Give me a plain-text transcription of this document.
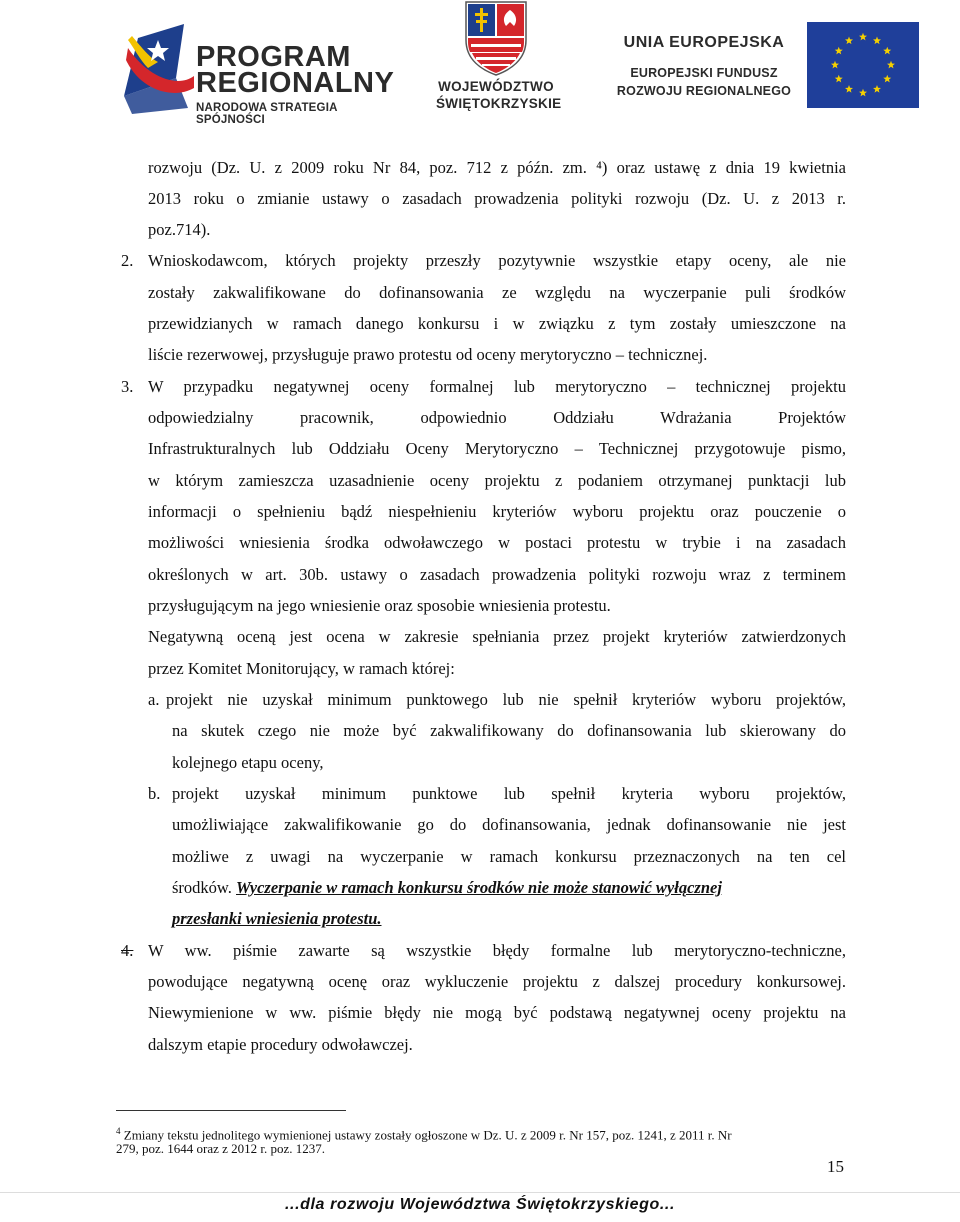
PROGRAM
REGIONALNY
NARODOWA STRATEGIA SPÓJNOŚCI
WOJEWÓDZTWO
ŚWIĘTOKRZYSKIE
UNIA EUROPEJSKA
EUROPEJSKI FUNDUSZ
ROZWOJU REGIONALNEGO
rozwoju (Dz. U. z 2009 roku Nr 84, poz. 712 z późn. zm. ⁴) oraz ustawę z dnia 19 kwietnia
2013 roku o zmianie ustawy o zasadach prowadzenia polityki rozwoju (Dz. U. z 2013 r.
poz.714).
2. Wnioskodawcom, których projekty przeszły pozytywnie wszystkie etapy oceny, ale nie
zostały zakwalifikowane do dofinansowania ze względu na wyczerpanie puli środków
przewidzianych w ramach danego konkursu i w związku z tym zostały umieszczone na
liście rezerwowej, przysługuje prawo protestu od oceny merytoryczno – technicznej.
3. W przypadku negatywnej oceny formalnej lub merytoryczno – technicznej projektu
odpowiedzialny pracownik, odpowiednio Oddziału Wdrażania Projektów
Infrastrukturalnych lub Oddziału Oceny Merytoryczno – Technicznej przygotowuje pismo,
w którym zamieszcza uzasadnienie oceny projektu z podaniem otrzymanej punktacji lub
informacji o spełnieniu bądź niespełnieniu kryteriów wyboru projektu oraz pouczenie o
możliwości wniesienia środka odwoławczego w postaci protestu w trybie i na zasadach
określonych w art. 30b. ustawy o zasadach prowadzenia polityki rozwoju wraz z terminem
przysługującym na jego wniesienie oraz sposobie wniesienia protestu.
Negatywną oceną jest ocena w zakresie spełniania przez projekt kryteriów zatwierdzonych
przez Komitet Monitorujący, w ramach której:
a. projekt nie uzyskał minimum punktowego lub nie spełnił kryteriów wyboru projektów,
na skutek czego nie może być zakwalifikowany do dofinansowania lub skierowany do
kolejnego etapu oceny,
b. projekt uzyskał minimum punktowe lub spełnił kryteria wyboru projektów,
umożliwiające zakwalifikowanie go do dofinansowania, jednak dofinansowanie nie jest
możliwe z uwagi na wyczerpanie w ramach konkursu przeznaczonych na ten cel
środków. Wyczerpanie w ramach konkursu środków nie może stanowić wyłącznej
przesłanki wniesienia protestu.
4. W ww. piśmie zawarte są wszystkie błędy formalne lub merytoryczno-techniczne,
powodujące negatywną ocenę oraz wykluczenie projektu z dalszej procedury konkursowej.
Niewymienione w ww. piśmie błędy nie mogą być podstawą negatywnej oceny projektu na
dalszym etapie procedury odwoławczej.
$^4$ Zmiany tekstu jednolitego wymienionej ustawy zostały ogłoszone w Dz. U. z 2009 r. Nr 157, poz. 1241, z 2011 r. Nr
279, poz. 1644 oraz z 2012 r. poz. 1237.
15
...dla rozwoju Województwa Świętokrzyskiego...
